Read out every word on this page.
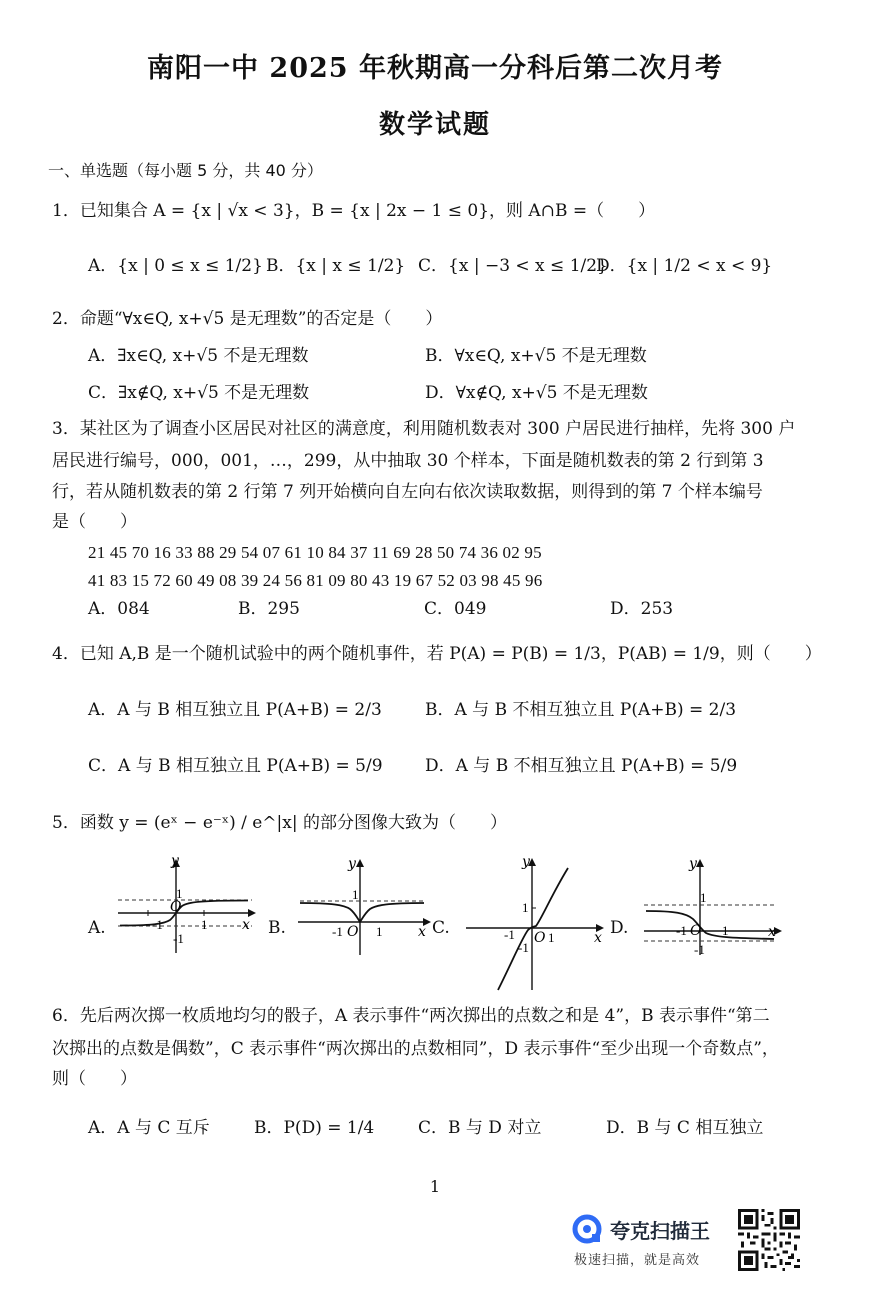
南阳一中 2025 年秋期高一分科后第二次月考
数学试题
一、单选题（每小题 5 分，共 40 分）
1．已知集合 A = {x | √x < 3}，B = {x | 2x − 1 ≤ 0}，则 A∩B =（　　）
A．{x | 0 ≤ x ≤ 1/2} B．{x | x ≤ 1/2} C．{x | −3 < x ≤ 1/2}
D．{x | 1/2 < x < 9}
2．命题“∀x∈Q, x+√5 是无理数”的否定是（　　）
A．∃x∈Q, x+√5 不是无理数	B．∀x∈Q, x+√5 不是无理数
C．∃x∉Q, x+√5 不是无理数	D．∀x∉Q, x+√5 不是无理数
3．某社区为了调查小区居民对社区的满意度，利用随机数表对 300 户居民进行抽样，先将 300 户
居民进行编号，000，001，…，299，从中抽取 30 个样本，下面是随机数表的第 2 行到第 3
行，若从随机数表的第 2 行第 7 列开始横向自左向右依次读取数据，则得到的第 7 个样本编号
是（　　）
21 45 70 16 33 88 29 54 07 61 10 84 37 11 69 28 50 74 36 02 95
41 83 15 72 60 49 08 39 24 56 81 09 80 43 19 67 52 03 98 45 96
A．084	B．295	C．049	D．253
4．已知 A,B 是一个随机试验中的两个随机事件，若 P(A) = P(B) = 1/3，P(AB) = 1/9，则（　　）
A．A 与 B 相互独立且 P(A+B) = 2/3	B．A 与 B 不相互独立且 P(A+B) = 2/3
C．A 与 B 相互独立且 P(A+B) = 5/9 D．A 与 B 不相互独立且 P(A+B) = 5/9
5．函数 y = (eˣ − e⁻ˣ) / e^|x| 的部分图像大致为（　　）
A.	B.	C.	D.
y
x
O
1
-1
-1	1
y
x
O
1
-1	1
y
x
O
1
-1
-1	1
y
x
O
1
-1
-1	1
6．先后两次掷一枚质地均匀的骰子，A 表示事件“两次掷出的点数之和是 4”，B 表示事件“第二
次掷出的点数是偶数”，C 表示事件“两次掷出的点数相同”，D 表示事件“至少出现一个奇数点”，
则（　　）
A．A 与 C 互斥	B．P(D) = 1/4	C．B 与 D 对立	D．B 与 C 相互独立
1
夸克扫描王
极速扫描，就是高效
